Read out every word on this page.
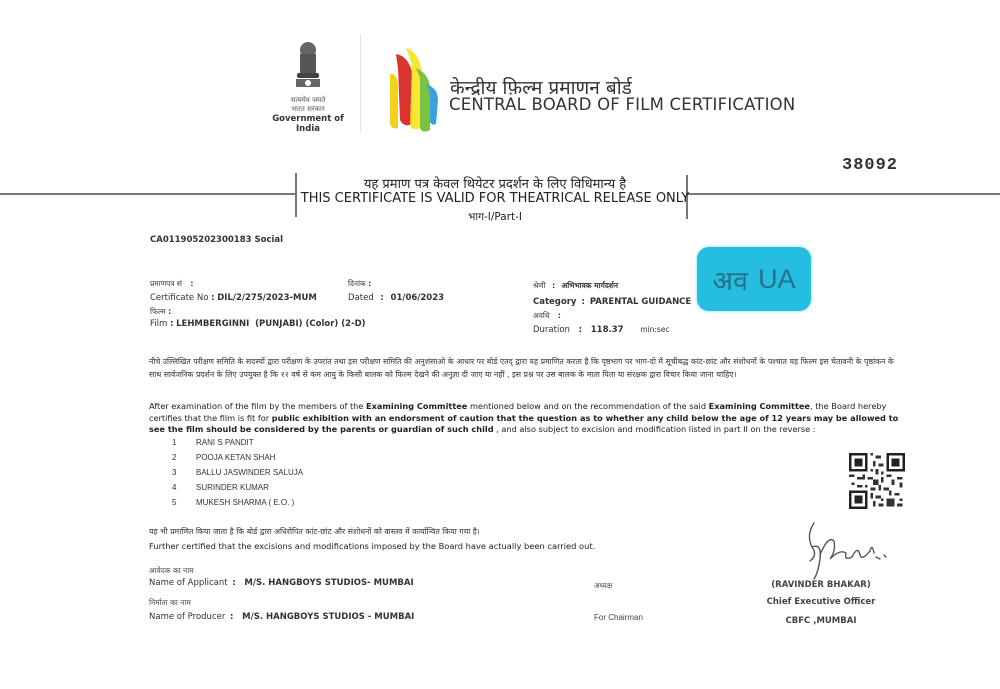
सत्यमेव जयते
भारत सरकार
Government of India
केन्द्रीय फ़िल्म प्रमाणन बोर्ड
CENTRAL BOARD OF FILM CERTIFICATION
38092
यह प्रमाण पत्र केवल थियेटर प्रदर्शन के लिए विधिमान्य है
THIS CERTIFICATE IS VALID FOR THEATRICAL RELEASE ONLY
भाग-I/Part-I
CA011905202300183 Social
प्रमाणपत्र सं :
Certificate No : DIL/2/275/2023-MUM
फिल्म :
Film : LEHMBERGINNI  (PUNJABI) (Color) (2-D)
दिनांक :
Dated : 01/06/2023
श्रेणी : अभिभावक मार्गदर्शन
Category : PARENTAL GUIDANCE
अवधि :
Duration : 118.37 min:sec
अव UA
नीचे उल्लिखित परीक्षण समिति के सदस्यों द्वारा परीक्षण के उपरांत तथा इस परीक्षण समिति की अनुशंसाओ के आधार पर बोर्ड एतद् द्वारा यह प्रमाणित करता है कि पृष्ठभाग पर भाग-दो में सूचीबद्ध कांट-छांट और संशोधनों के पश्चात यह फिल्म इस चेतावनी के पृष्ठांकन के साथ सार्वजनिक प्रदर्शन के लिए उपयुक्त है कि १२ वर्ष से कम आयु के किसी बालक को फिल्म देखने की अनुज्ञा दी जाए या नहीं , इस प्रश्न पर उस बालक के माता पिता या संरक्षक द्वारा विचार किया जाना चाहिए।
After examination of the film by the members of the Examining Committee mentioned below and on the recommendation of the said Examining Committee, the Board hereby certifies that the film is fit for public exhibition with an endorsment of caution that the question as to whether any child below the age of 12 years may be allowed to see the film should be considered by the parents or guardian of such child , and also subject to excision and modification listed in part II on the reverse :
1 RANI S PANDIT
2 POOJA KETAN SHAH
3 BALLU JASWINDER SALUJA
4 SURINDER KUMAR
5 MUKESH SHARMA ( E.O. )
यह भी प्रमाणित किया जाता है कि बोर्ड द्वारा अधिरोपित कांट-छांट और संशोधनों को वास्तव में कार्यान्वित किया गया है।
Further certified that the excisions and modifications imposed by the Board have actually been carried out.
आवेदक का नाम
Name of Applicant : M/S. HANGBOYS STUDIOS- MUMBAI
निर्माता का नाम
Name of Producer : M/S. HANGBOYS STUDIOS - MUMBAI
अध्यक्ष
For Chairman
(RAVINDER BHAKAR)
Chief Executive Officer
CBFC ,MUMBAI
